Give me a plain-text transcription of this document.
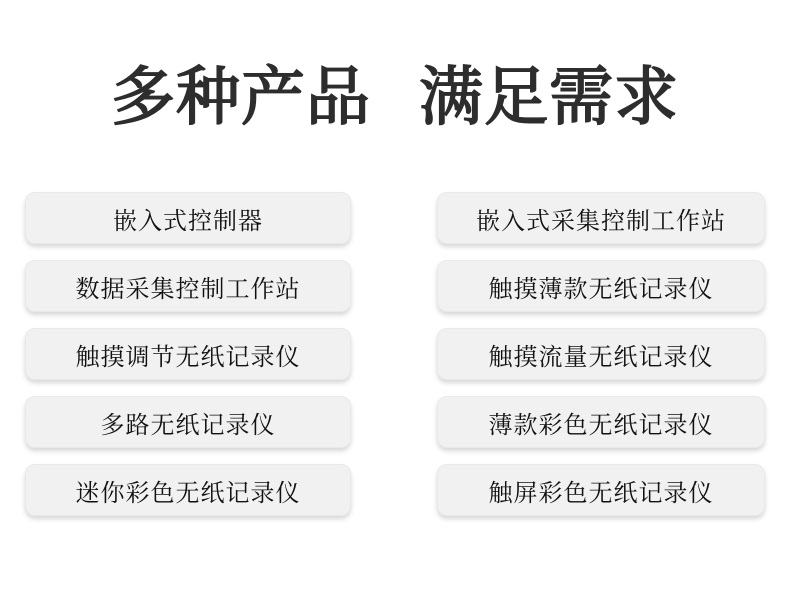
多种产品 满足需求
嵌入式控制器	嵌入式采集控制工作站
数据采集控制工作站	触摸薄款无纸记录仪
触摸调节无纸记录仪	触摸流量无纸记录仪
多路无纸记录仪	薄款彩色无纸记录仪
迷你彩色无纸记录仪	触屏彩色无纸记录仪
